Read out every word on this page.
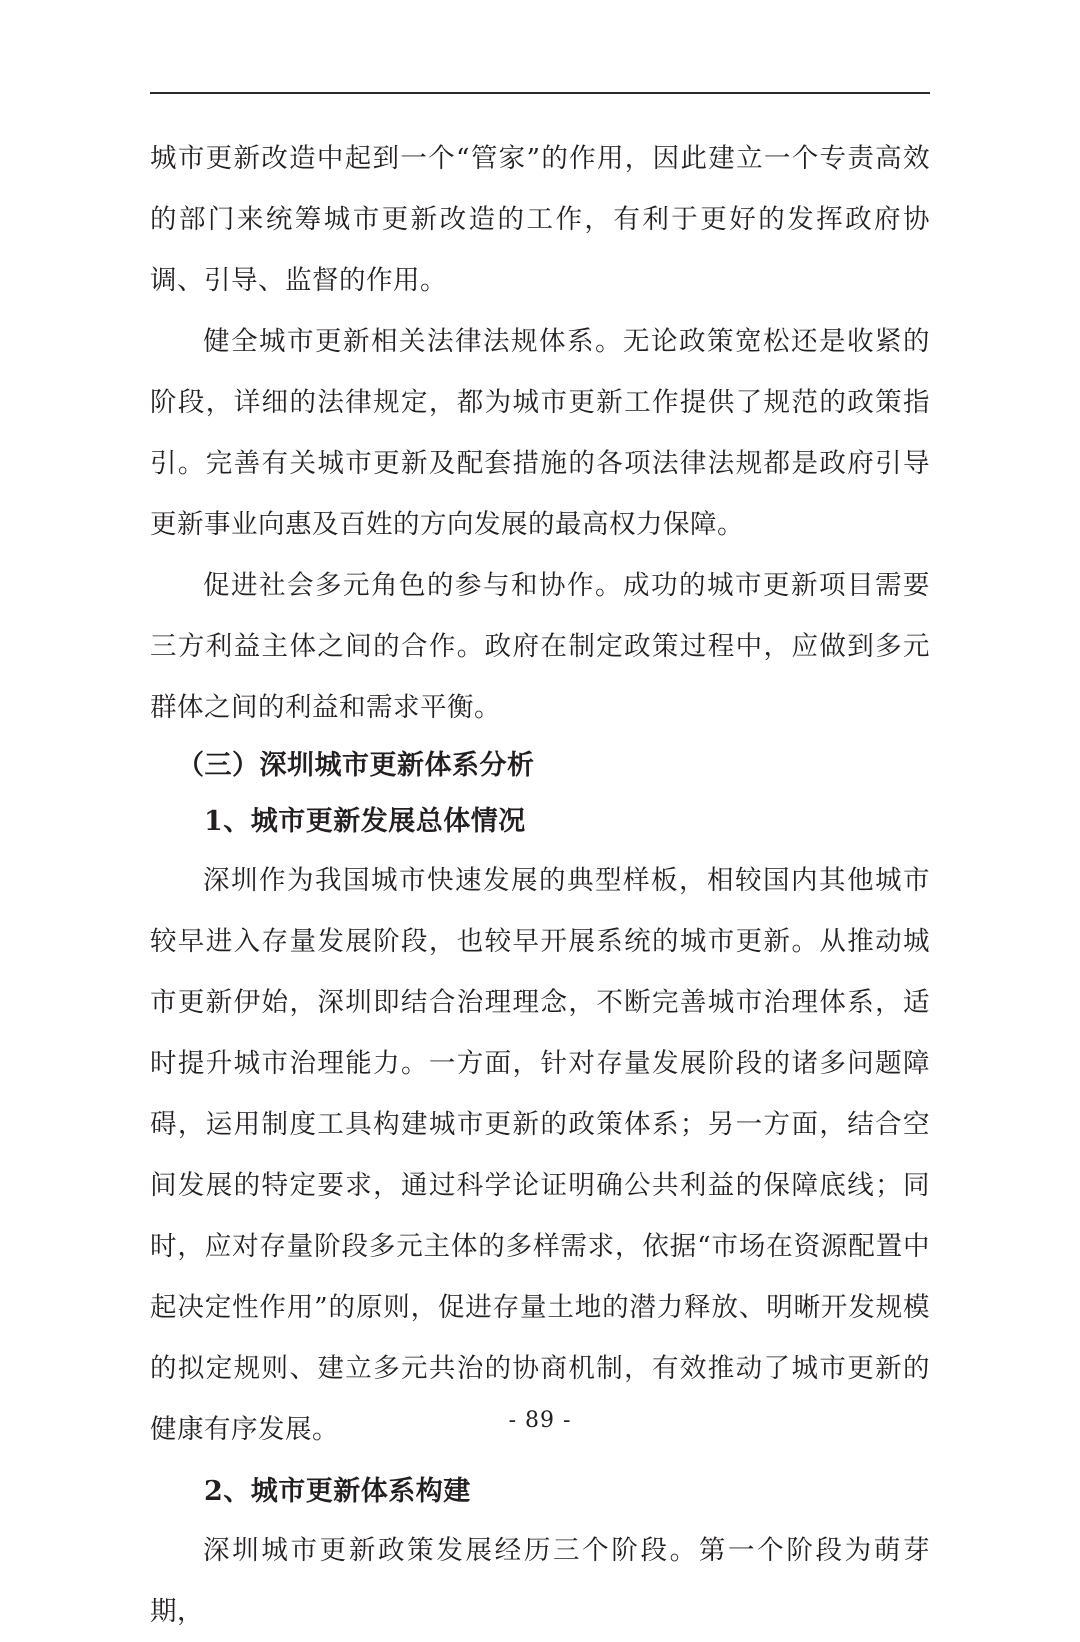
城市更新改造中起到一个“管家”的作用，因此建立一个专责高效的部门来统筹城市更新改造的工作，有利于更好的发挥政府协调、引导、监督的作用。

健全城市更新相关法律法规体系。无论政策宽松还是收紧的阶段，详细的法律规定，都为城市更新工作提供了规范的政策指引。完善有关城市更新及配套措施的各项法律法规都是政府引导更新事业向惠及百姓的方向发展的最高权力保障。

促进社会多元角色的参与和协作。成功的城市更新项目需要三方利益主体之间的合作。政府在制定政策过程中，应做到多元群体之间的利益和需求平衡。

（三）深圳城市更新体系分析
1、城市更新发展总体情况

深圳作为我国城市快速发展的典型样板，相较国内其他城市较早进入存量发展阶段，也较早开展系统的城市更新。从推动城市更新伊始，深圳即结合治理理念，不断完善城市治理体系，适时提升城市治理能力。一方面，针对存量发展阶段的诸多问题障碍，运用制度工具构建城市更新的政策体系；另一方面，结合空间发展的特定要求，通过科学论证明确公共利益的保障底线；同时，应对存量阶段多元主体的多样需求，依据“市场在资源配置中起决定性作用”的原则，促进存量土地的潜力释放、明晰开发规模的拟定规则、建立多元共治的协商机制，有效推动了城市更新的健康有序发展。

2、城市更新体系构建

深圳城市更新政策发展经历三个阶段。第一个阶段为萌芽期，

- 89 -
